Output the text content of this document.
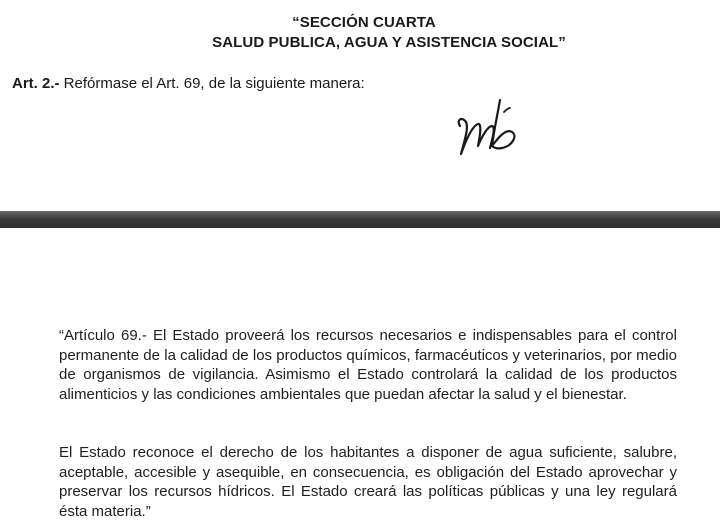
“SECCIÓN CUARTA
SALUD PUBLICA, AGUA Y ASISTENCIA SOCIAL”
Art. 2.- Refórmase el Art. 69, de la siguiente manera:
“Artículo 69.- El Estado proveerá los recursos necesarios e indispensables para el control permanente de la calidad de los productos químicos, farmacéuticos y veterinarios, por medio de organismos de vigilancia. Asimismo el Estado controlará la calidad de los productos alimenticios y las condiciones ambientales que puedan afectar la salud y el bienestar.
El Estado reconoce el derecho de los habitantes a disponer de agua suficiente, salubre, aceptable, accesible y asequible, en consecuencia, es obligación del Estado aprovechar y preservar los recursos hídricos. El Estado creará las políticas públicas y una ley regulará ésta materia.”
